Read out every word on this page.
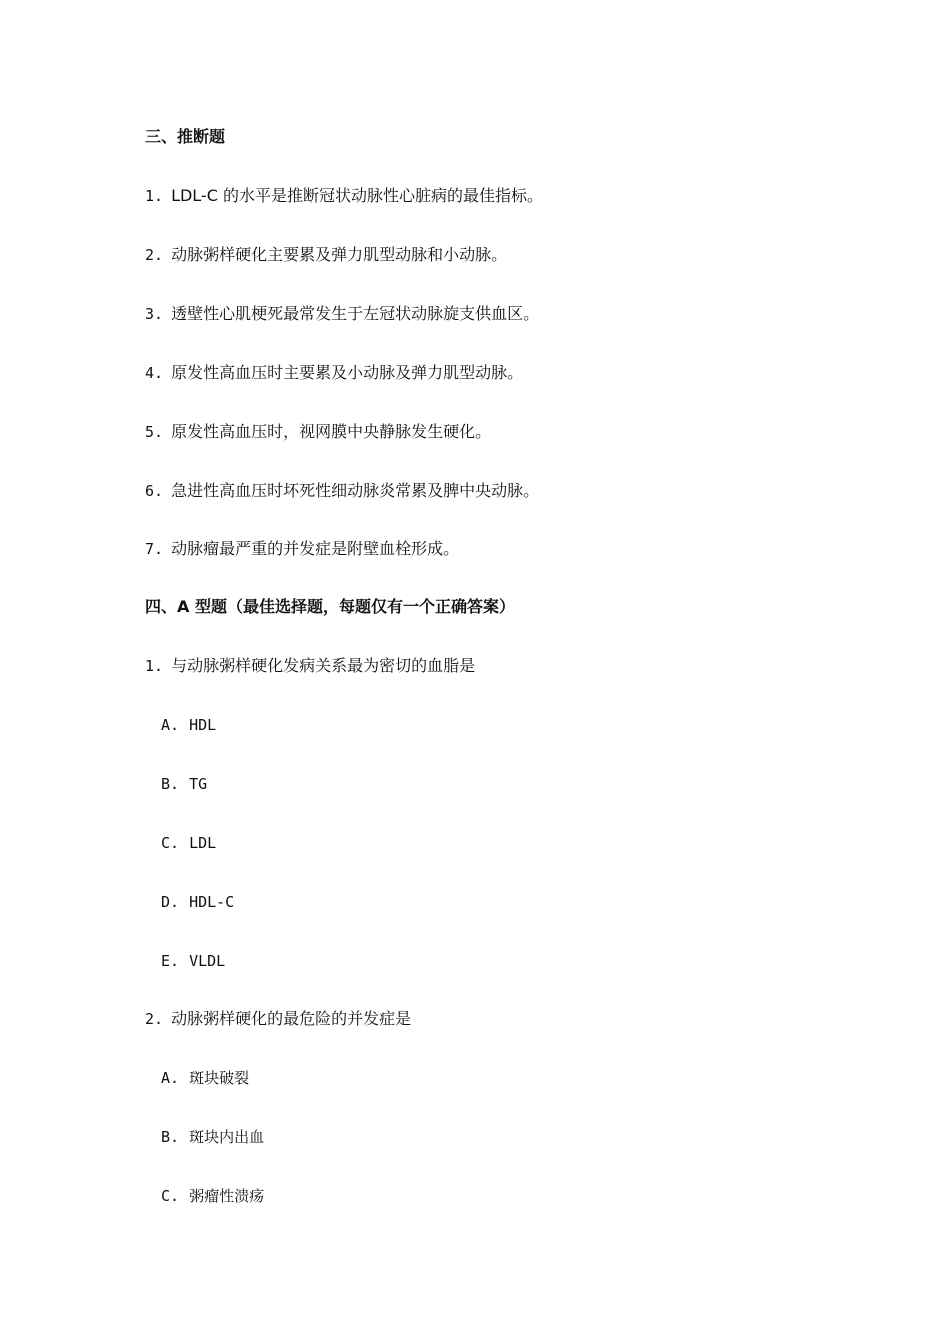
三、推断题
1. LDL-C 的水平是推断冠状动脉性心脏病的最佳指标。
2. 动脉粥样硬化主要累及弹力肌型动脉和小动脉。
3. 透壁性心肌梗死最常发生于左冠状动脉旋支供血区。
4. 原发性高血压时主要累及小动脉及弹力肌型动脉。
5. 原发性高血压时，视网膜中央静脉发生硬化。
6. 急进性高血压时坏死性细动脉炎常累及脾中央动脉。
7. 动脉瘤最严重的并发症是附壁血栓形成。
四、A 型题（最佳选择题，每题仅有一个正确答案）
1. 与动脉粥样硬化发病关系最为密切的血脂是
A. HDL
B. TG
C. LDL
D. HDL-C
E. VLDL
2. 动脉粥样硬化的最危险的并发症是
A. 斑块破裂
B. 斑块内出血
C. 粥瘤性溃疡
